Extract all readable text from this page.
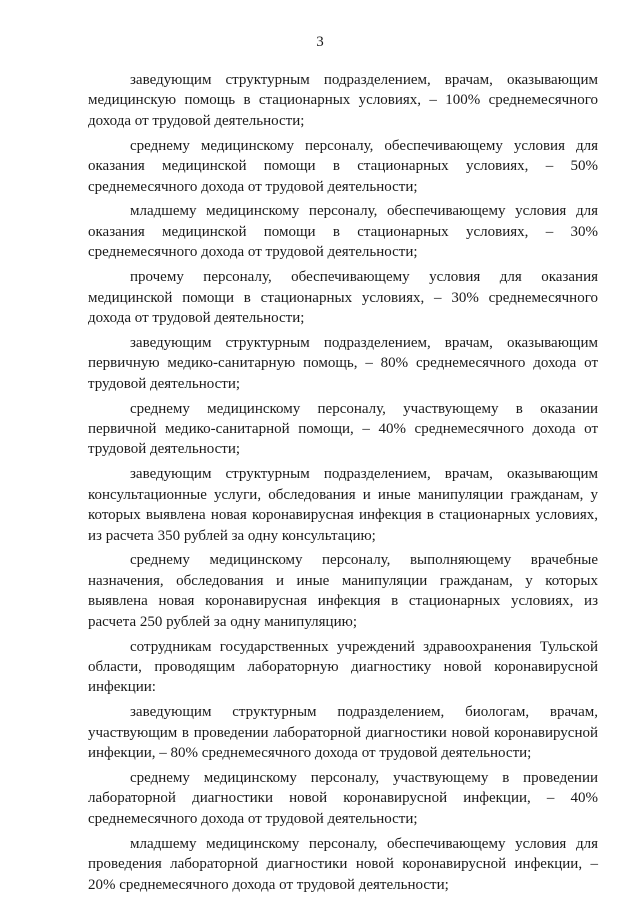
3

заведующим структурным подразделением, врачам, оказывающим медицинскую помощь в стационарных условиях, – 100% среднемесячного дохода от трудовой деятельности;

среднему медицинскому персоналу, обеспечивающему условия для оказания медицинской помощи в стационарных условиях, – 50% среднемесячного дохода от трудовой деятельности;

младшему медицинскому персоналу, обеспечивающему условия для оказания медицинской помощи в стационарных условиях, – 30% среднемесячного дохода от трудовой деятельности;

прочему персоналу, обеспечивающему условия для оказания медицинской помощи в стационарных условиях, – 30% среднемесячного дохода от трудовой деятельности;

заведующим структурным подразделением, врачам, оказывающим первичную медико-санитарную помощь, – 80% среднемесячного дохода от трудовой деятельности;

среднему медицинскому персоналу, участвующему в оказании первичной медико-санитарной помощи, – 40% среднемесячного дохода от трудовой деятельности;

заведующим структурным подразделением, врачам, оказывающим консультационные услуги, обследования и иные манипуляции гражданам, у которых выявлена новая коронавирусная инфекция в стационарных условиях, из расчета 350 рублей за одну консультацию;

среднему медицинскому персоналу, выполняющему врачебные назначения, обследования и иные манипуляции гражданам, у которых выявлена новая коронавирусная инфекция в стационарных условиях, из расчета 250 рублей за одну манипуляцию;

сотрудникам государственных учреждений здравоохранения Тульской области, проводящим лабораторную диагностику новой коронавирусной инфекции:

заведующим структурным подразделением, биологам, врачам, участвующим в проведении лабораторной диагностики новой коронавирусной инфекции, – 80% среднемесячного дохода от трудовой деятельности;

среднему медицинскому персоналу, участвующему в проведении лабораторной диагностики новой коронавирусной инфекции, – 40% среднемесячного дохода от трудовой деятельности;

младшему медицинскому персоналу, обеспечивающему условия для проведения лабораторной диагностики новой коронавирусной инфекции, – 20% среднемесячного дохода от трудовой деятельности;
